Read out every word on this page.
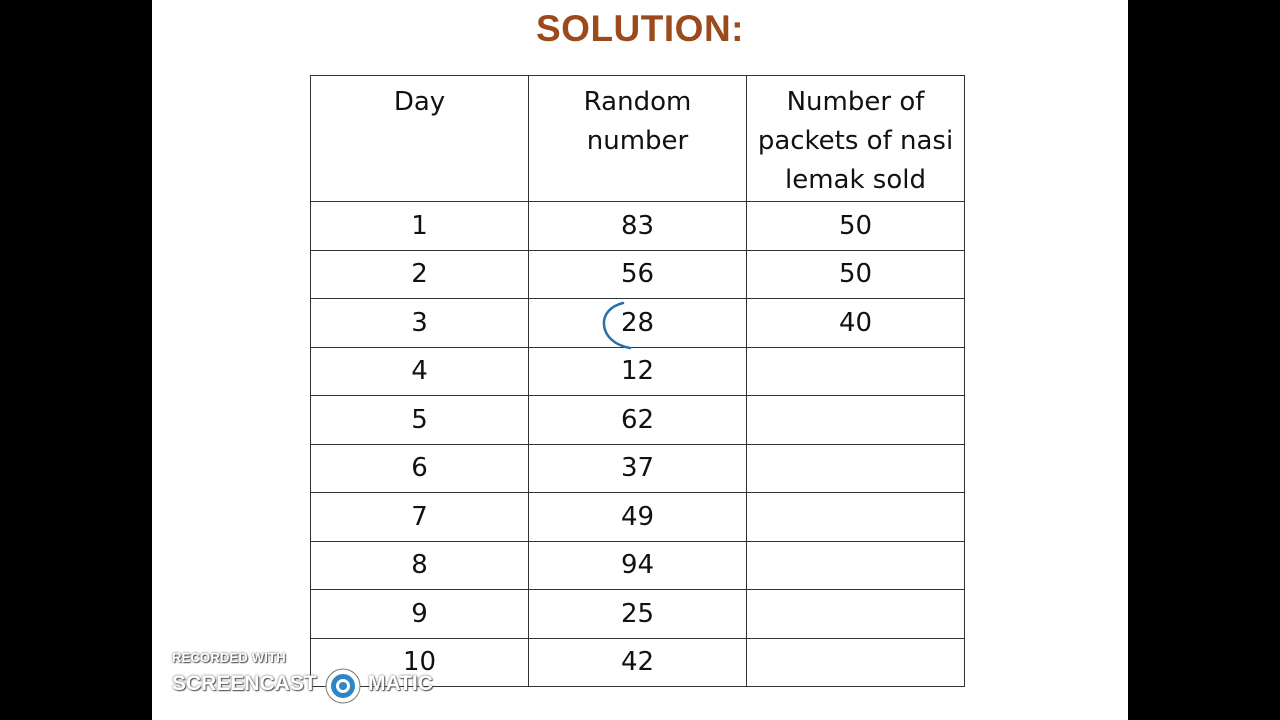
SOLUTION:
Day	Random number	Number of packets of nasi lemak sold

1	83	50
2	56	50
3	28	40
4	12	
5	62	
6	37	
7	49	
8	94	
9	25	
10	42	
RECORDED WITH
SCREENCAST MATIC
